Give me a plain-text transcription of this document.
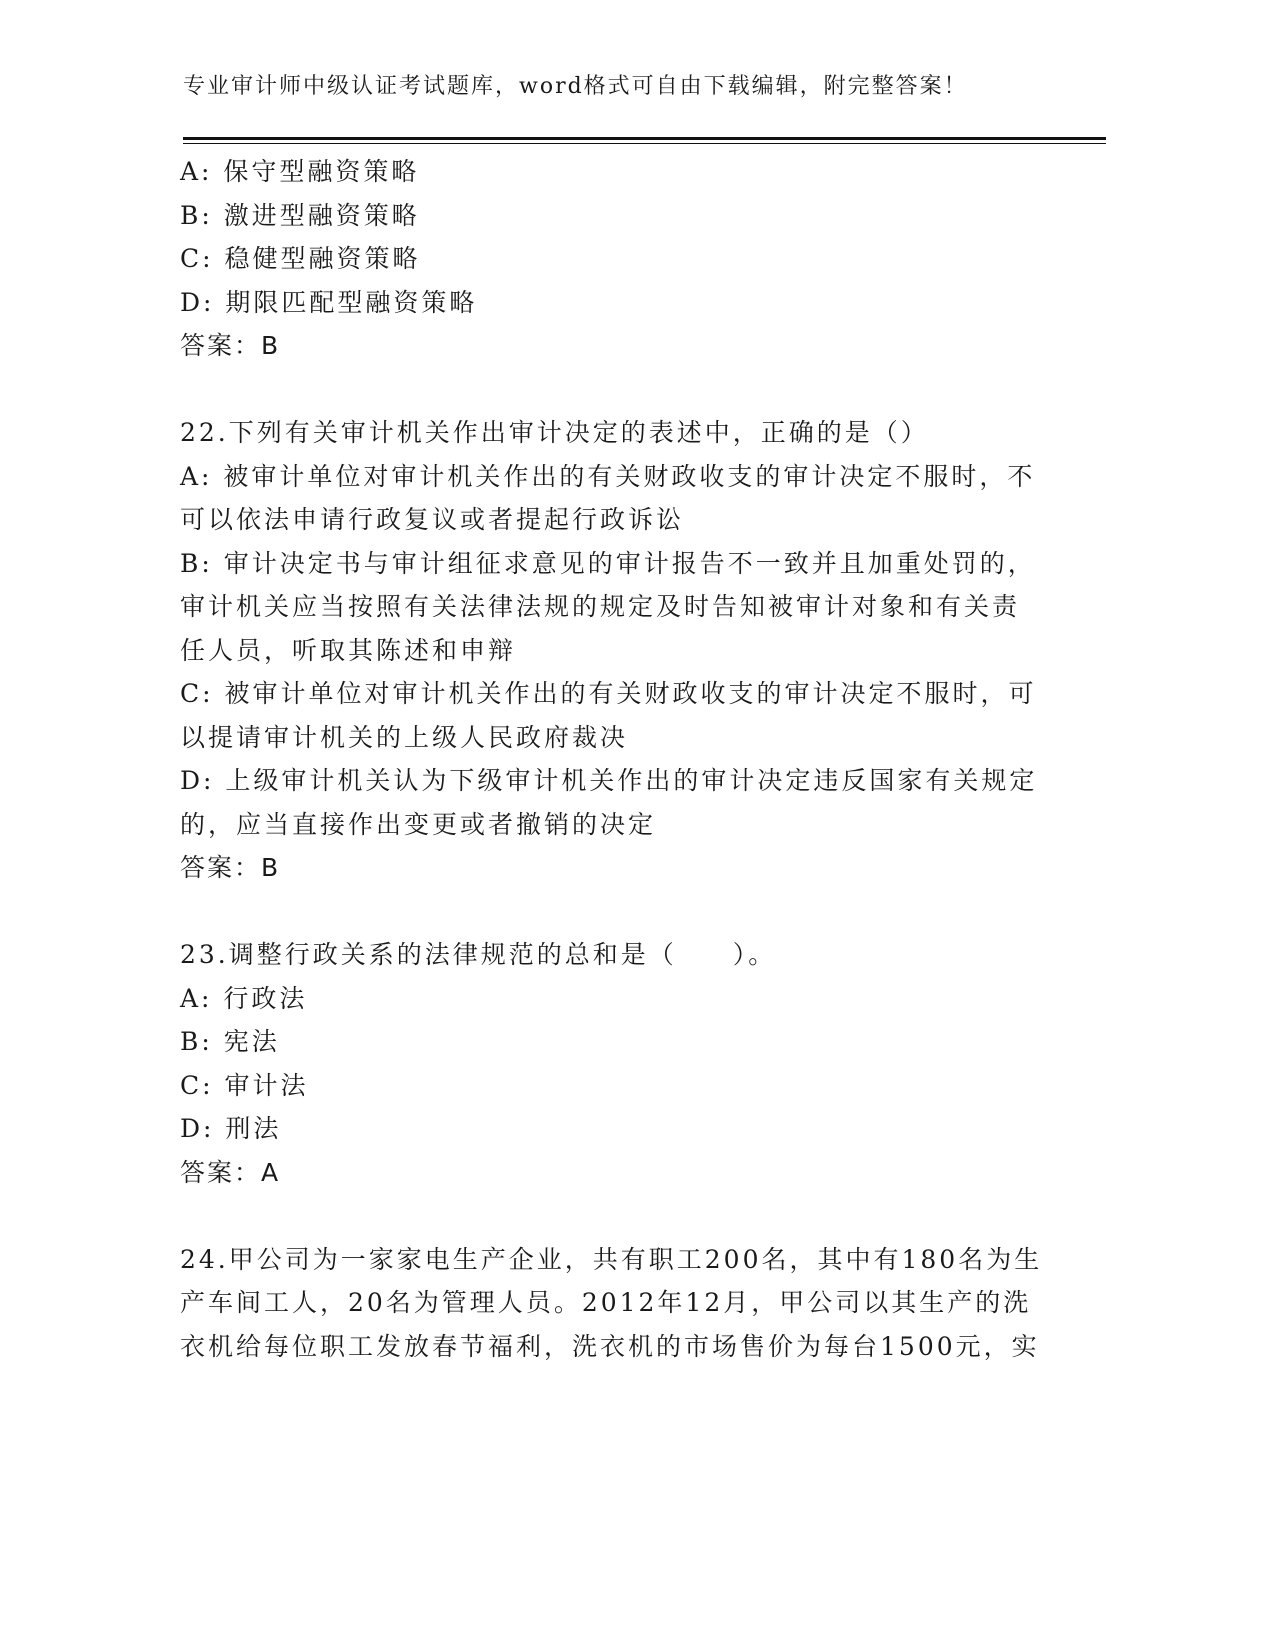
专业审计师中级认证考试题库，word格式可自由下载编辑，附完整答案！
A: 保守型融资策略
B: 激进型融资策略
C: 稳健型融资策略
D: 期限匹配型融资策略
答案：B
22.下列有关审计机关作出审计决定的表述中，正确的是（）
A: 被审计单位对审计机关作出的有关财政收支的审计决定不服时，不
可以依法申请行政复议或者提起行政诉讼
B: 审计决定书与审计组征求意见的审计报告不一致并且加重处罚的，
审计机关应当按照有关法律法规的规定及时告知被审计对象和有关责
任人员，听取其陈述和申辩
C: 被审计单位对审计机关作出的有关财政收支的审计决定不服时，可
以提请审计机关的上级人民政府裁决
D: 上级审计机关认为下级审计机关作出的审计决定违反国家有关规定
的，应当直接作出变更或者撤销的决定
答案：B
23.调整行政关系的法律规范的总和是（　　）。
A: 行政法
B: 宪法
C: 审计法
D: 刑法
答案：A
24.甲公司为一家家电生产企业，共有职工200名，其中有180名为生
产车间工人，20名为管理人员。2012年12月，甲公司以其生产的洗
衣机给每位职工发放春节福利，洗衣机的市场售价为每台1500元，实
